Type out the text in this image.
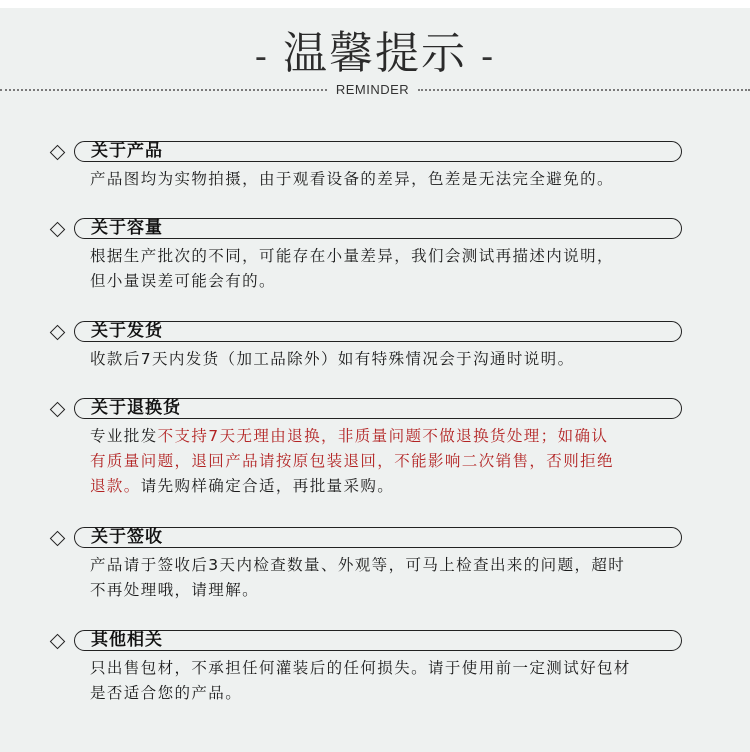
- 温馨提示 -
REMINDER
关于产品
产品图均为实物拍摄，由于观看设备的差异，色差是无法完全避免的。
关于容量
根据生产批次的不同，可能存在小量差异，我们会测试再描述内说明，
但小量误差可能会有的。
关于发货
收款后7天内发货（加工品除外）如有特殊情况会于沟通时说明。
关于退换货
专业批发不支持7天无理由退换，非质量问题不做退换货处理；如确认
有质量问题，退回产品请按原包装退回，不能影响二次销售，否则拒绝
退款。请先购样确定合适，再批量采购。
关于签收
产品请于签收后3天内检查数量、外观等，可马上检查出来的问题，超时
不再处理哦，请理解。
其他相关
只出售包材，不承担任何灌装后的任何损失。请于使用前一定测试好包材
是否适合您的产品。
